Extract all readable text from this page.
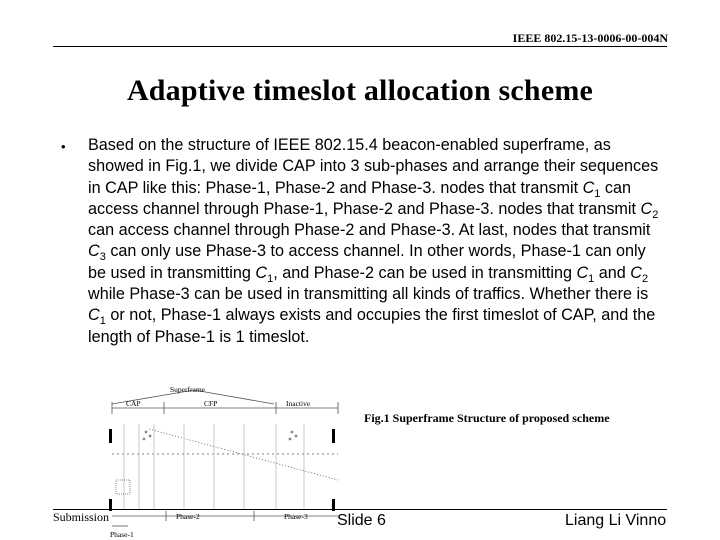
IEEE 802.15-13-0006-00-004N
Adaptive timeslot allocation scheme
• Based on the structure of IEEE 802.15.4 beacon-enabled superframe, as showed in Fig.1, we divide CAP into 3 sub-phases and arrange their sequences in CAP like this: Phase-1, Phase-2 and Phase-3. nodes that transmit $C_1$ can access channel through Phase-1, Phase-2 and Phase-3. nodes that transmit $C_2$ can access channel through Phase-2 and Phase-3. At last, nodes that transmit $C_3$ can only use Phase-3 to access channel. In other words, Phase-1 can only be used in transmitting $C_1$, and Phase-2 can be used in transmitting $C_1$ and $C_2$ while Phase-3 can be used in transmitting all kinds of traffics. Whether there is $C_1$ or not, Phase-1 always exists and occupies the first timeslot of CAP, and the length of Phase-1 is 1 timeslot.
Superframe
CAP	CFP	Inactive
Phase-2	Phase-3
Phase-1
Fig.1 Superframe Structure of proposed scheme
Submission	Slide 6	Liang Li Vinno
